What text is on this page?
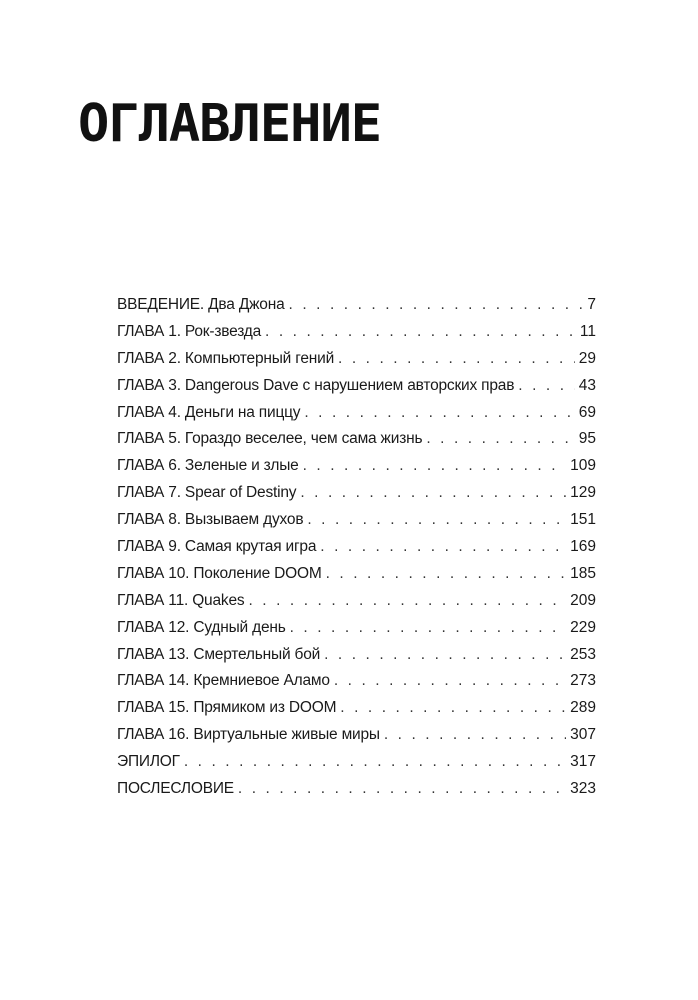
ОГЛАВЛЕНИЕ
ВВЕДЕНИЕ. Два Джона . . .	7
ГЛАВА 1. Рок-звезда . . .	11
ГЛАВА 2. Компьютерный гений . . .	29
ГЛАВА 3. Dangerous Dave с нарушением авторских прав . . .	43
ГЛАВА 4. Деньги на пиццу . . .	69
ГЛАВА 5. Гораздо веселее, чем сама жизнь . . .	95
ГЛАВА 6. Зеленые и злые . . .	109
ГЛАВА 7. Spear of Destiny . . .	129
ГЛАВА 8. Вызываем духов . . .	151
ГЛАВА 9. Самая крутая игра . . .	169
ГЛАВА 10. Поколение DOOM . . .	185
ГЛАВА 11. Quakes . . .	209
ГЛАВА 12. Судный день . . .	229
ГЛАВА 13. Смертельный бой . . .	253
ГЛАВА 14. Кремниевое Аламо . . .	273
ГЛАВА 15. Прямиком из DOOM . . .	289
ГЛАВА 16. Виртуальные живые миры . . .	307
ЭПИЛОГ . . .	317
ПОСЛЕСЛОВИЕ . . .	323
